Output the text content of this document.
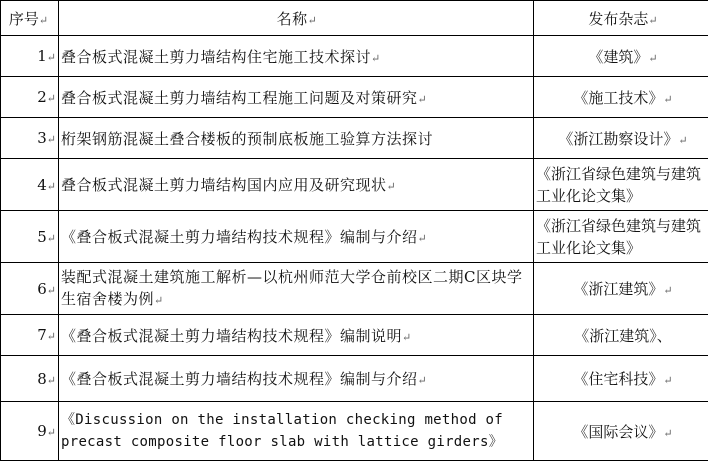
序号↵	名称↵	发布杂志↵
1↵	叠合板式混凝土剪力墙结构住宅施工技术探讨↵	《建筑》↵
2↵	叠合板式混凝土剪力墙结构工程施工问题及对策研究↵	《施工技术》↵
3↵	桁架钢筋混凝土叠合楼板的预制底板施工验算方法探讨	《浙江勘察设计》↵
4↵	叠合板式混凝土剪力墙结构国内应用及研究现状↵	《浙江省绿色建筑与建筑工业化论文集》
5↵	《叠合板式混凝土剪力墙结构技术规程》编制与介绍↵	《浙江省绿色建筑与建筑工业化论文集》
6↵	装配式混凝土建筑施工解析—以杭州师范大学仓前校区二期C区块学生宿舍楼为例↵	《浙江建筑》↵
7↵	《叠合板式混凝土剪力墙结构技术规程》编制说明↵	《浙江建筑》、
8↵	《叠合板式混凝土剪力墙结构技术规程》编制与介绍↵	《住宅科技》↵
9↵	《Discussion on the installation checking method of precast composite floor slab with lattice girders》	《国际会议》↵
